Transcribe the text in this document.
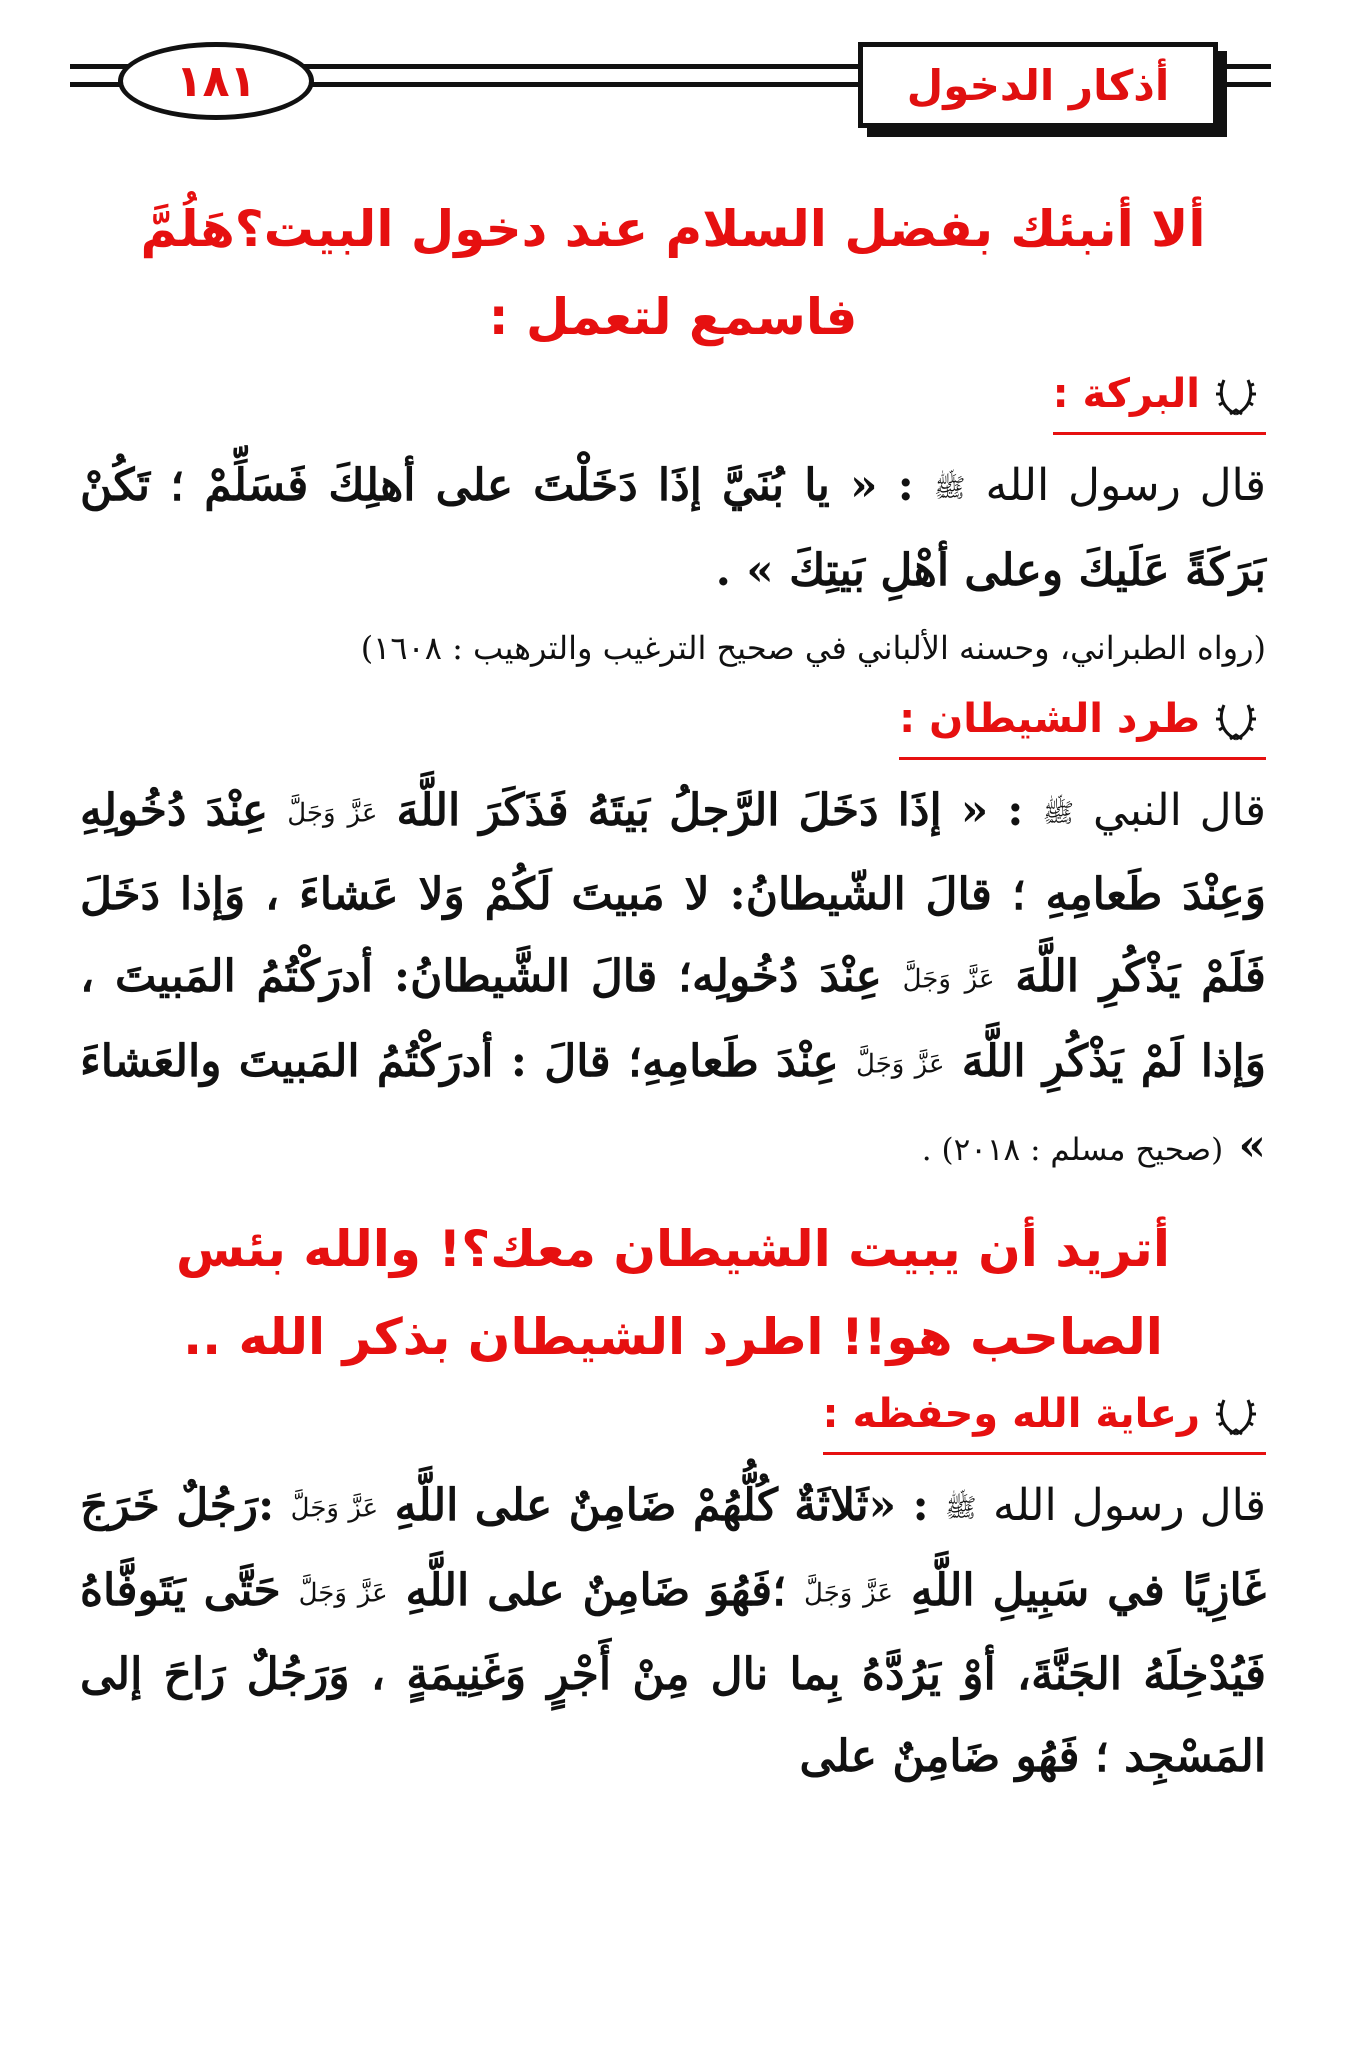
١٨١	أذكار الدخول

ألا أنبئك بفضل السلام عند دخول البيت؟هَلُمَّ فاسمع لتعمل :

البركة :

قال رسول الله ﷺ : « يا بُنَيَّ إذَا دَخَلْتَ على أهلِكَ فَسَلِّمْ ؛ تَكُنْ بَرَكَةً عَلَيكَ وعلى أهْلِ بَيتِكَ » .

(رواه الطبراني، وحسنه الألباني في صحيح الترغيب والترهيب : ١٦٠٨)

طرد الشيطان :

قال النبي ﷺ : « إذَا دَخَلَ الرَّجلُ بَيتَهُ فَذَكَرَ اللَّهَ عَزَّ وَجَلَّ عِنْدَ دُخُولِهِ وَعِنْدَ طَعامِهِ ؛ قالَ الشّيطانُ: لا مَبيتَ لَكُمْ وَلا عَشاءَ ، وَإذا دَخَلَ فَلَمْ يَذْكُرِ اللَّهَ عَزَّ وَجَلَّ عِنْدَ دُخُولِه؛ قالَ الشَّيطانُ: أدرَكْتُمُ المَبيتَ ، وَإذا لَمْ يَذْكُرِ اللَّهَ عَزَّ وَجَلَّ عِنْدَ طَعامِهِ؛ قالَ : أدرَكْتُمُ المَبيتَ والعَشاءَ » (صحيح مسلم : ٢٠١٨) .

أتريد أن يبيت الشيطان معك؟! والله بئس الصاحب هو!! اطرد الشيطان بذكر الله ..

رعاية الله وحفظه :

قال رسول الله ﷺ : «ثَلاثَةٌ كُلُّهُمْ ضَامِنٌ على اللَّهِ عَزَّ وَجَلَّ :رَجُلٌ خَرَجَ غَازِيًا في سَبِيلِ اللَّهِ عَزَّ وَجَلَّ ؛فَهُوَ ضَامِنٌ على اللَّهِ عَزَّ وَجَلَّ حَتَّى يَتَوفَّاهُ فَيُدْخِلَهُ الجَنَّةَ، أوْ يَرُدَّهُ بِما نال مِنْ أَجْرٍ وَغَنِيمَةٍ ، وَرَجُلٌ رَاحَ إلى المَسْجِد ؛ فَهُو ضَامِنٌ على
